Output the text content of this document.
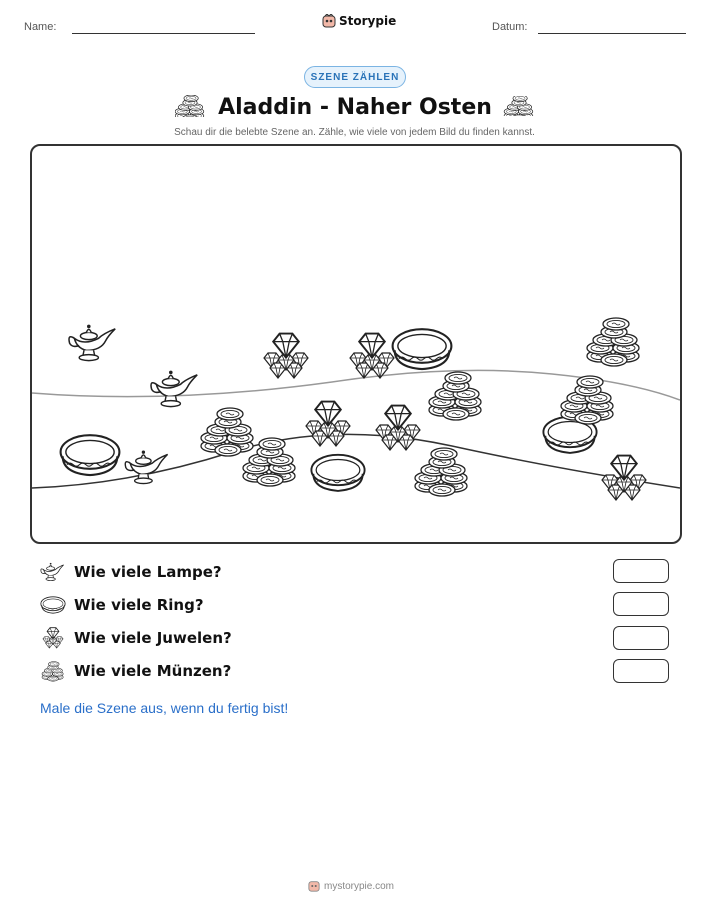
Name:	Storypie	Datum:
SZENE ZÄHLEN
Aladdin - Naher Osten
Schau dir die belebte Szene an. Zähle, wie viele von jedem Bild du finden kannst.
Wie viele Lampe?
Wie viele Ring?
Wie viele Juwelen?
Wie viele Münzen?
Male die Szene aus, wenn du fertig bist!
mystorypie.com
